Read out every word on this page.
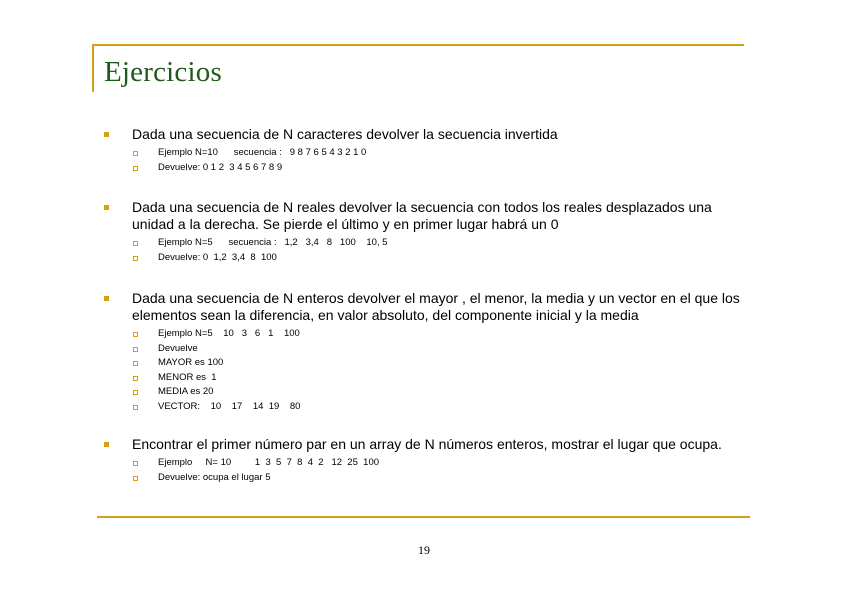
Ejercicios
Dada una secuencia de N caracteres devolver la secuencia invertida
Ejemplo N=10      secuencia :   9 8 7 6 5 4 3 2 1 0
Devuelve: 0 1 2  3 4 5 6 7 8 9
Dada una secuencia de N reales devolver la secuencia con todos los reales desplazados una unidad a la derecha. Se pierde el último y en primer lugar habrá un 0
Ejemplo N=5      secuencia :   1,2   3,4   8   100    10, 5
Devuelve: 0  1,2  3,4  8  100
Dada una secuencia de N enteros devolver el mayor , el menor, la media y un vector en el que los elementos sean la diferencia, en valor absoluto, del componente inicial y la media
Ejemplo N=5    10   3   6   1    100
Devuelve
MAYOR es 100
MENOR es  1
MEDIA es 20
VECTOR:    10    17    14  19    80
Encontrar el primer número par en un array de N números enteros, mostrar el lugar que ocupa.
Ejemplo     N= 10         1  3  5  7  8  4  2   12  25  100
Devuelve: ocupa el lugar 5
19
